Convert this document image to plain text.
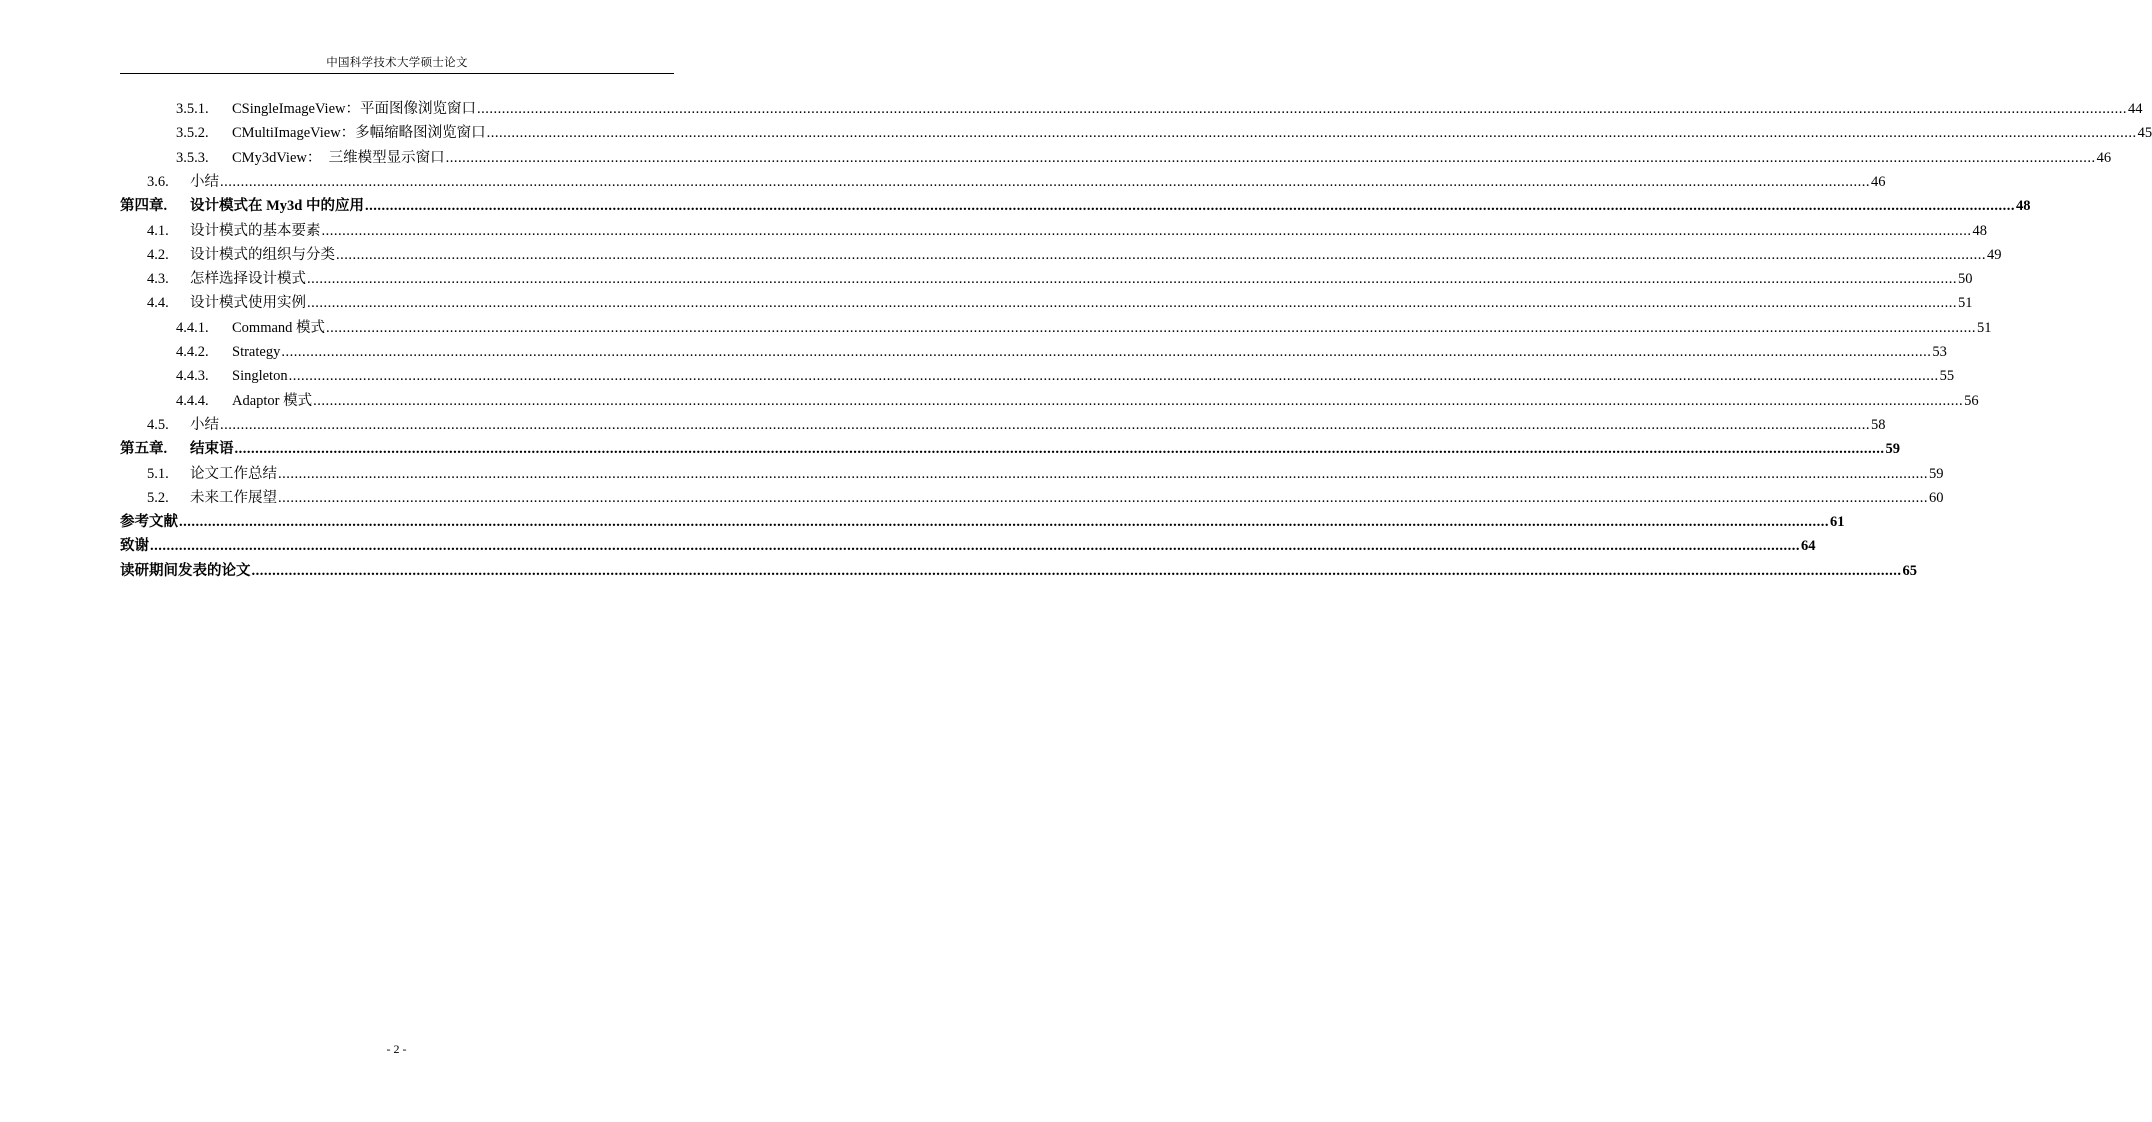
中国科学技术大学硕士论文
3.5.1. CSingleImageView：平面图像浏览窗口 ................................................................................................................................................................................................................................................................................................................................................................................................................ 44
3.5.2. CMultiImageView：多幅缩略图浏览窗口 ................................................................................................................................................................................................................................................................................................................................................................................................................ 45
3.5.3. CMy3dView：　三维模型显示窗口 ................................................................................................................................................................................................................................................................................................................................................................................................................ 46
3.6. 小结 ................................................................................................................................................................................................................................................................................................................................................................................................................ 46
第四章. 设计模式在 My3d 中的应用 ................................................................................................................................................................................................................................................................................................................................................................................................................ 48
4.1. 设计模式的基本要素 ................................................................................................................................................................................................................................................................................................................................................................................................................ 48
4.2. 设计模式的组织与分类 ................................................................................................................................................................................................................................................................................................................................................................................................................ 49
4.3. 怎样选择设计模式 ................................................................................................................................................................................................................................................................................................................................................................................................................ 50
4.4. 设计模式使用实例 ................................................................................................................................................................................................................................................................................................................................................................................................................ 51
4.4.1. Command 模式 ................................................................................................................................................................................................................................................................................................................................................................................................................ 51
4.4.2. Strategy ................................................................................................................................................................................................................................................................................................................................................................................................................ 53
4.4.3. Singleton ................................................................................................................................................................................................................................................................................................................................................................................................................ 55
4.4.4. Adaptor 模式 ................................................................................................................................................................................................................................................................................................................................................................................................................ 56
4.5. 小结 ................................................................................................................................................................................................................................................................................................................................................................................................................ 58
第五章. 结束语 ................................................................................................................................................................................................................................................................................................................................................................................................................ 59
5.1. 论文工作总结 ................................................................................................................................................................................................................................................................................................................................................................................................................ 59
5.2. 未来工作展望 ................................................................................................................................................................................................................................................................................................................................................................................................................ 60
参考文献 ................................................................................................................................................................................................................................................................................................................................................................................................................ 61
致谢 ................................................................................................................................................................................................................................................................................................................................................................................................................ 64
读研期间发表的论文 ................................................................................................................................................................................................................................................................................................................................................................................................................ 65
- 2 -
